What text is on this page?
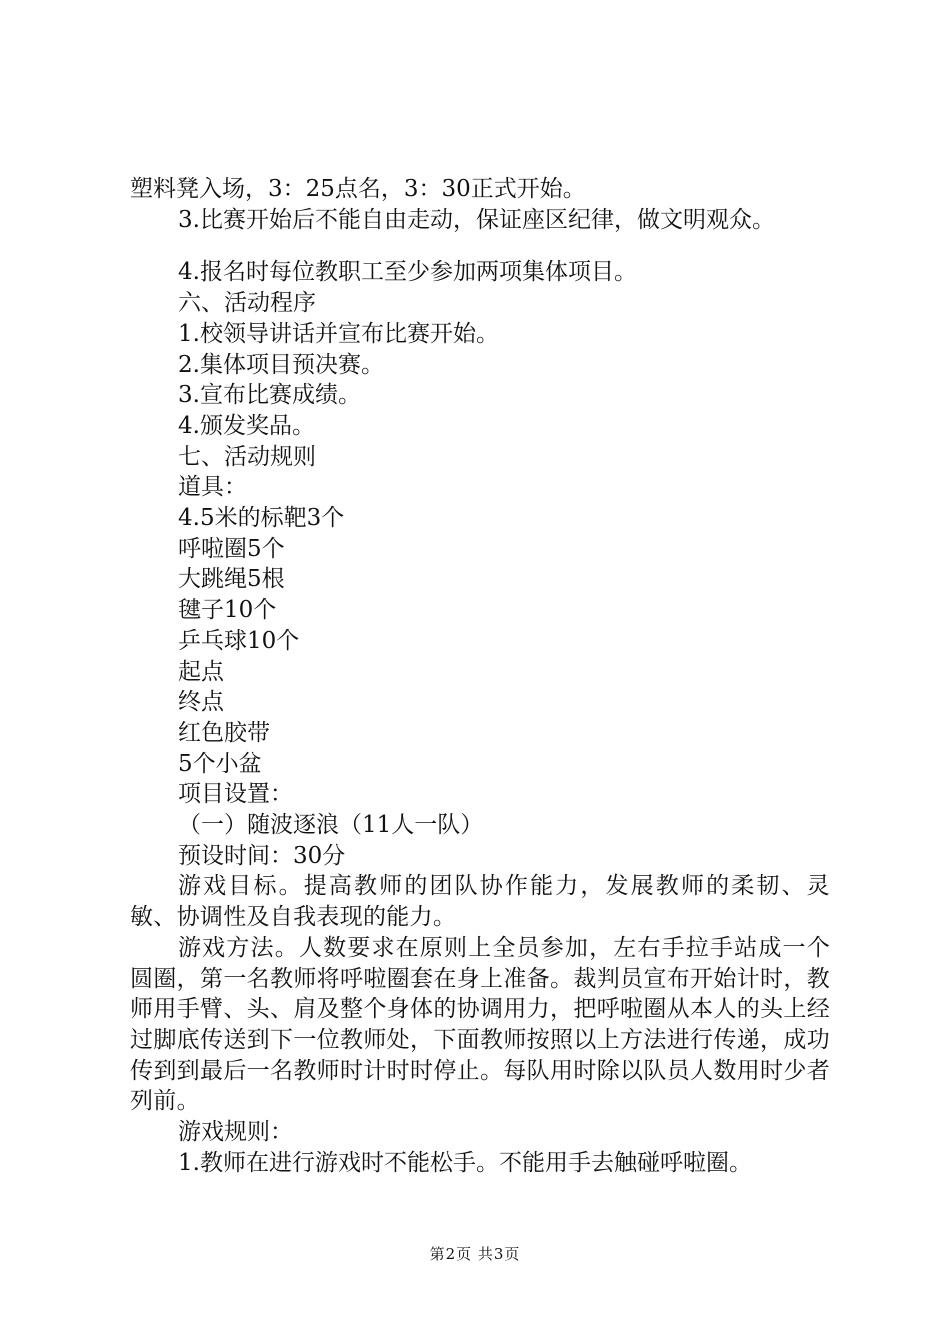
塑料凳入场，3：25点名，3：30正式开始。

3.比赛开始后不能自由走动，保证座区纪律，做文明观众。

4.报名时每位教职工至少参加两项集体项目。

六、活动程序

1.校领导讲话并宣布比赛开始。

2.集体项目预决赛。

3.宣布比赛成绩。

4.颁发奖品。

七、活动规则

道具：

4.5米的标靶3个

呼啦圈5个

大跳绳5根

毽子10个

乒乓球10个

起点

终点

红色胶带

5个小盆

项目设置：

（一）随波逐浪（11人一队）

预设时间：30分

游戏目标。提高教师的团队协作能力，发展教师的柔韧、灵敏、协调性及自我表现的能力。

游戏方法。人数要求在原则上全员参加，左右手拉手站成一个圆圈，第一名教师将呼啦圈套在身上准备。裁判员宣布开始计时，教师用手臂、头、肩及整个身体的协调用力，把呼啦圈从本人的头上经过脚底传送到下一位教师处，下面教师按照以上方法进行传递，成功传到到最后一名教师时计时时停止。每队用时除以队员人数用时少者列前。

游戏规则：

1.教师在进行游戏时不能松手。不能用手去触碰呼啦圈。

第2页 共3页
